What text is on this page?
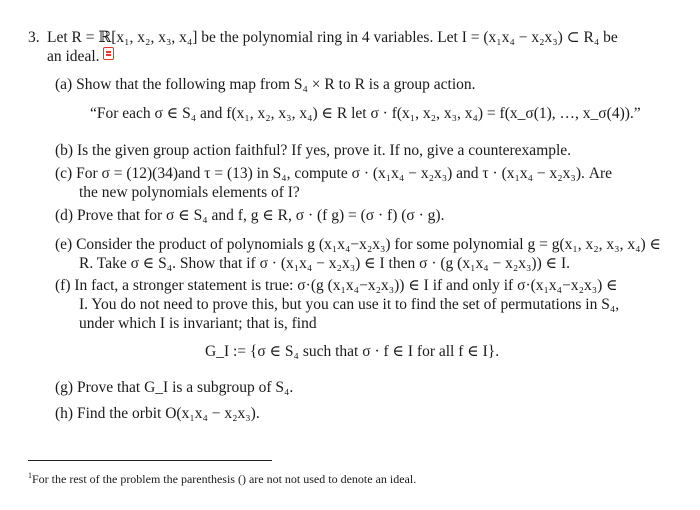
3. Let R = ℝ[x₁, x₂, x₃, x₄] be the polynomial ring in 4 variables. Let I = (x₁x₄ − x₂x₃) ⊂ R₄ be
an ideal.
(a) Show that the following map from S₄ × R to R is a group action.
“For each σ ∈ S₄ and f(x₁, x₂, x₃, x₄) ∈ R let σ · f(x₁, x₂, x₃, x₄) = f(x_σ(1), …, x_σ(4)).”
(b) Is the given group action faithful? If yes, prove it. If no, give a counterexample.
(c) For σ = (12)(34)and τ = (13) in S₄, compute σ · (x₁x₄ − x₂x₃) and τ · (x₁x₄ − x₂x₃). Are
the new polynomials elements of I?
(d) Prove that for σ ∈ S₄ and f, g ∈ R, σ · (f g) = (σ · f) (σ · g).
(e) Consider the product of polynomials g (x₁x₄−x₂x₃) for some polynomial g = g(x₁, x₂, x₃, x₄) ∈
R. Take σ ∈ S₄. Show that if σ · (x₁x₄ − x₂x₃) ∈ I then σ · (g (x₁x₄ − x₂x₃)) ∈ I.
(f) In fact, a stronger statement is true: σ·(g (x₁x₄−x₂x₃)) ∈ I if and only if σ·(x₁x₄−x₂x₃) ∈
I. You do not need to prove this, but you can use it to find the set of permutations in S₄,
under which I is invariant; that is, find
G_I := {σ ∈ S₄ such that σ · f ∈ I for all f ∈ I}.
(g) Prove that G_I is a subgroup of S₄.
(h) Find the orbit O(x₁x₄ − x₂x₃).
$^1$For the rest of the problem the parenthesis () are not not used to denote an ideal.
